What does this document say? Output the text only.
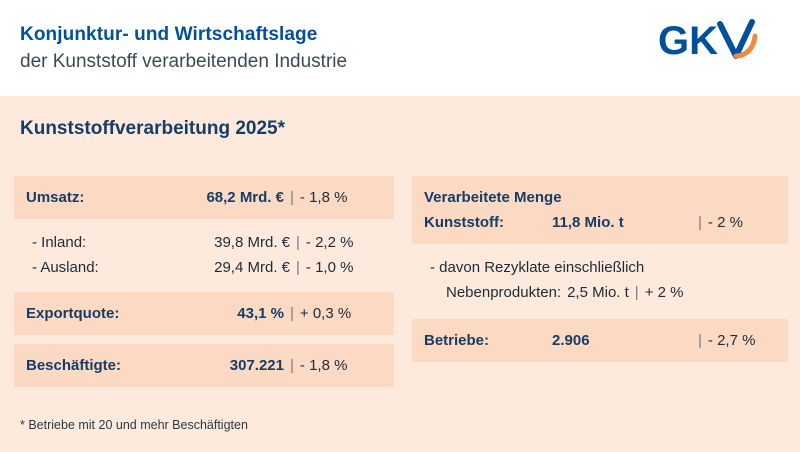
Konjunktur- und Wirtschaftslage
der Kunststoff verarbeitenden Industrie	GK
Kunststoffverarbeitung 2025*
Umsatz:	68,2 Mrd. € | - 1,8 %
- Inland:	39,8 Mrd. € | - 2,2 %
- Ausland:	29,4 Mrd. € | - 1,0 %
Exportquote:	43,1 % | + 0,3 %
Beschäftigte:	307.221 | - 1,8 %
Verarbeitete Menge
Kunststoff:	11,8 Mio. t	| - 2 %
- davon Rezyklate einschließlich
Nebenprodukten: 2,5 Mio. t | + 2 %
Betriebe:	2.906	| - 2,7 %
* Betriebe mit 20 und mehr Beschäftigten
